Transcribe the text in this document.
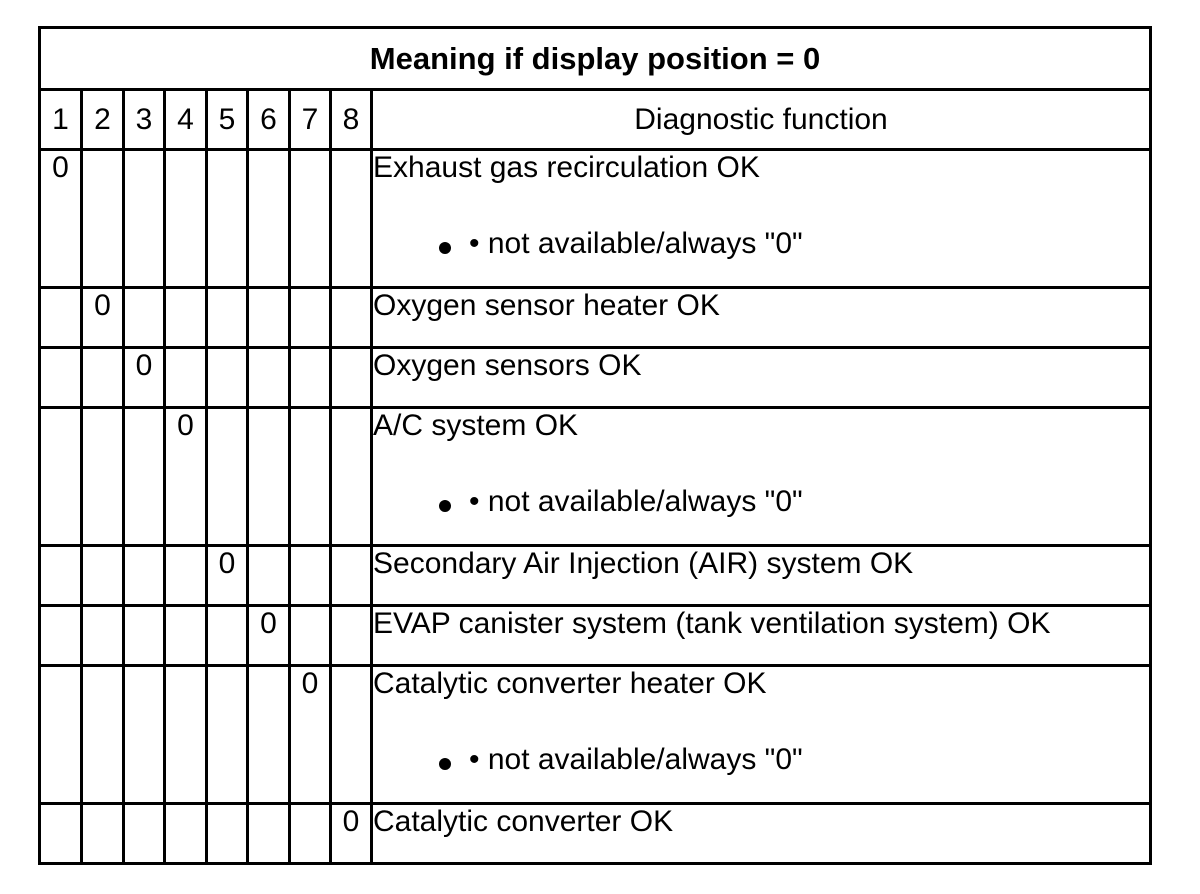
Meaning if display position = 0								
1	2	3	4	5	6	7	8	Diagnostic function
0								Exhaust gas recirculation OK
• not available/always "0"

	0							Oxygen sensor heater OK

		0						Oxygen sensors OK

			0					A/C system OK
• not available/always "0"

				0				Secondary Air Injection (AIR) system OK

					0			EVAP canister system (tank ventilation system) OK

						0		Catalytic converter heater OK
• not available/always "0"

							0	Catalytic converter OK
